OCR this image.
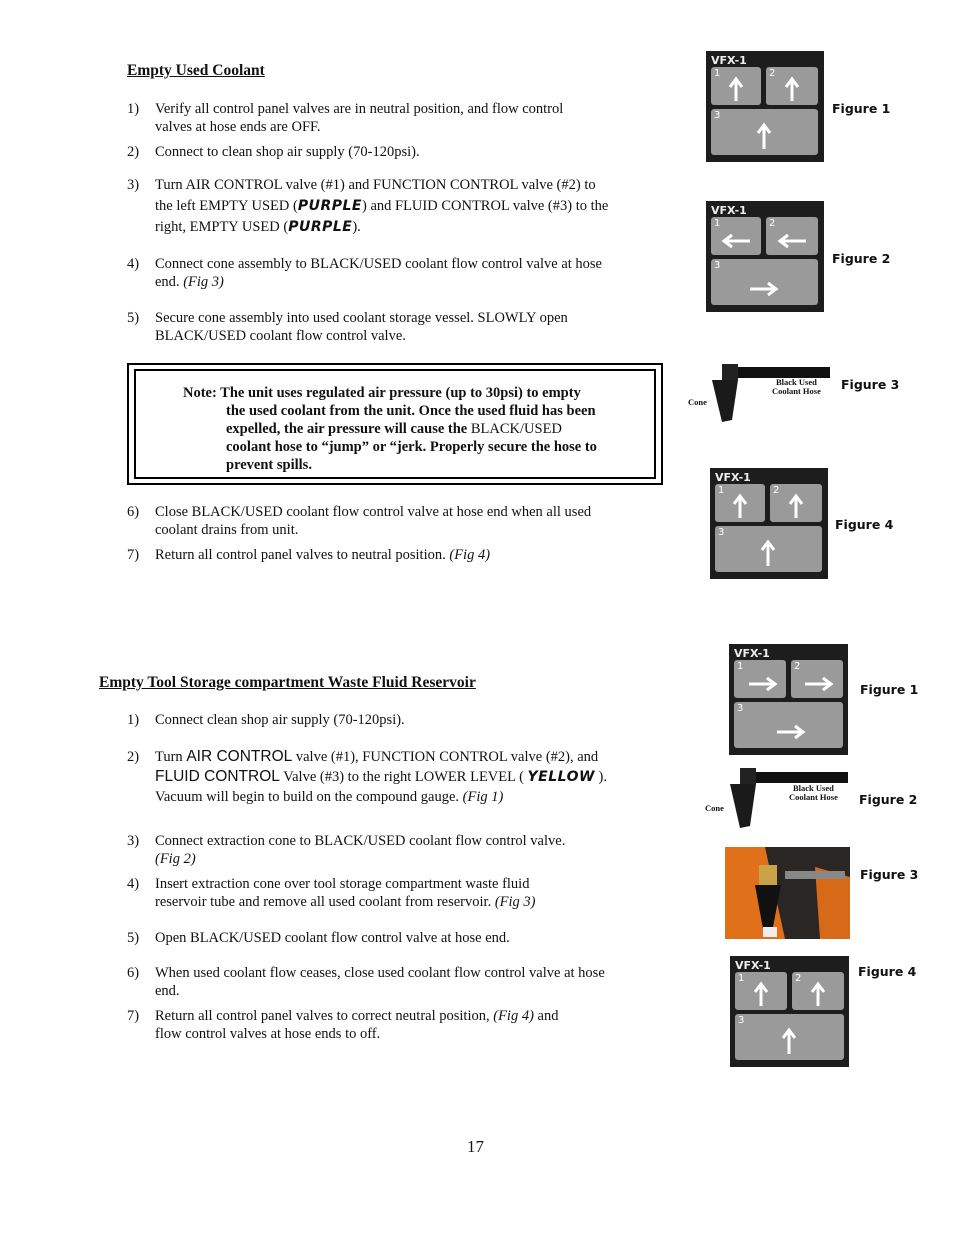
Empty Used Coolant
1) Verify all control panel valves are in neutral position, and flow control
valves at hose ends are OFF.
2) Connect to clean shop air supply (70-120psi).
3) Turn AIR CONTROL valve (#1) and FUNCTION CONTROL valve (#2) to
the left EMPTY USED (PURPLE) and FLUID CONTROL valve (#3) to the
right, EMPTY USED (PURPLE).
4) Connect cone assembly to BLACK/USED coolant flow control valve at hose
end. (Fig 3)
5) Secure cone assembly into used coolant storage vessel. SLOWLY open
BLACK/USED coolant flow control valve.
Note: The unit uses regulated air pressure (up to 30psi) to empty
the used coolant from the unit. Once the used fluid has been
expelled, the air pressure will cause the BLACK/USED
coolant hose to “jump” or “jerk. Properly secure the hose to
prevent spills.
6) Close BLACK/USED coolant flow control valve at hose end when all used
coolant drains from unit.
7) Return all control panel valves to neutral position. (Fig 4)
VFX-1
1	2
3	Figure 1
VFX-1
1	2
3	Figure 2
Cone
Black Used
Coolant Hose Figure 3
VFX-1
1	2
3
Figure 4
Empty Tool Storage compartment Waste Fluid Reservoir
1) Connect clean shop air supply (70-120psi).
2) Turn AIR CONTROL valve (#1), FUNCTION CONTROL valve (#2), and
FLUID CONTROL Valve (#3) to the right LOWER LEVEL ( YELLOW ).
Vacuum will begin to build on the compound gauge. (Fig 1)
3) Connect extraction cone to BLACK/USED coolant flow control valve.
(Fig 2)
4) Insert extraction cone over tool storage compartment waste fluid
reservoir tube and remove all used coolant from reservoir. (Fig 3)
5) Open BLACK/USED coolant flow control valve at hose end.
6) When used coolant flow ceases, close used coolant flow control valve at hose
end.
7) Return all control panel valves to correct neutral position, (Fig 4) and
flow control valves at hose ends to off.
VFX-1
1	2
3
Figure 1
Cone
Black Used
Coolant Hose Figure 2
Figure 3
VFX-1
1	2
3
Figure 4
17
